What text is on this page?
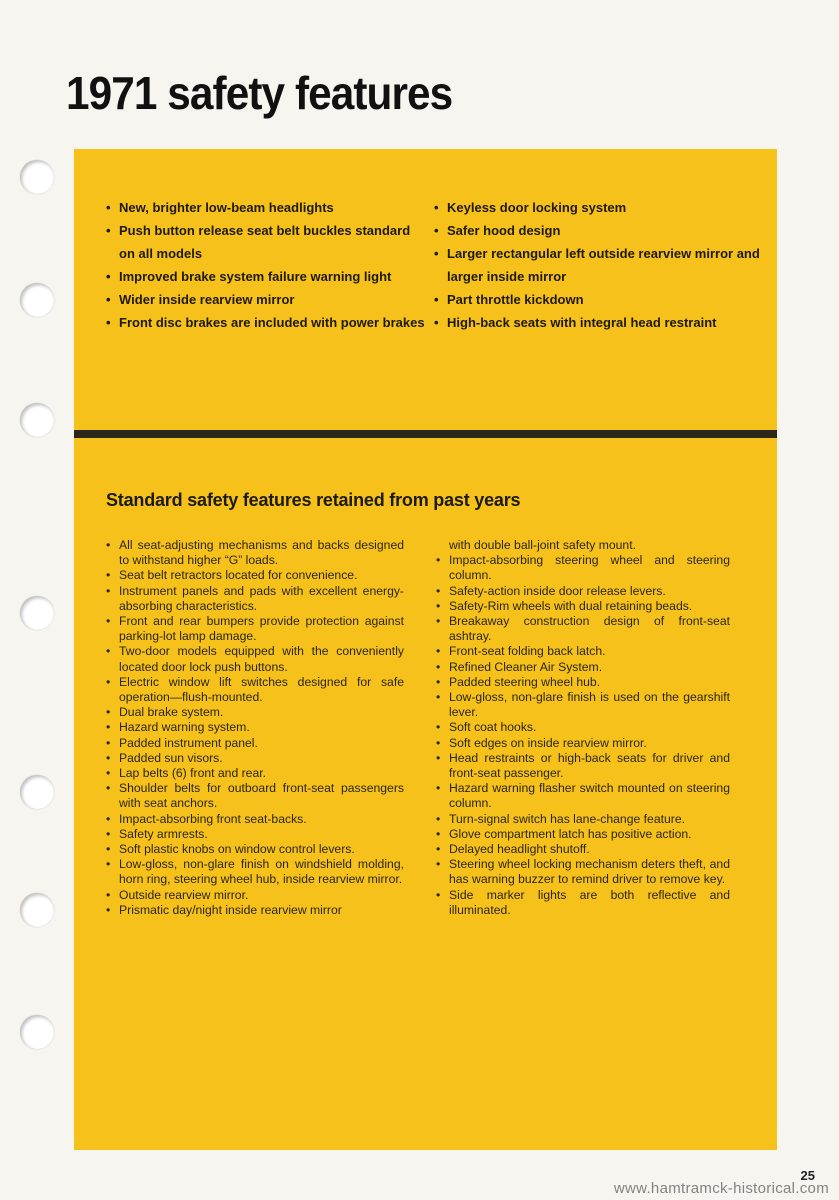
1971 safety features
• New, brighter low-beam headlights
• Push button release seat belt buckles standard on all models
• Improved brake system failure warning light
• Wider inside rearview mirror
• Front disc brakes are included with power brakes
• Keyless door locking system
• Safer hood design
• Larger rectangular left outside rearview mirror and larger inside mirror
• Part throttle kickdown
• High-back seats with integral head restraint
Standard safety features retained from past years
• All seat-adjusting mechanisms and backs designed to withstand higher “G” loads.
• Seat belt retractors located for convenience.
• Instrument panels and pads with excellent energy-absorbing characteristics.
• Front and rear bumpers provide protection against parking-lot lamp damage.
• Two-door models equipped with the conveniently located door lock push buttons.
• Electric window lift switches designed for safe operation—flush-mounted.
• Dual brake system.
• Hazard warning system.
• Padded instrument panel.
• Padded sun visors.
• Lap belts (6) front and rear.
• Shoulder belts for outboard front-seat passengers with seat anchors.
• Impact-absorbing front seat-backs.
• Safety armrests.
• Soft plastic knobs on window control levers.
• Low-gloss, non-glare finish on windshield molding, horn ring, steering wheel hub, inside rearview mirror.
• Outside rearview mirror.
• Prismatic day/night inside rearview mirror
with double ball-joint safety mount.
• Impact-absorbing steering wheel and steering column.
• Safety-action inside door release levers.
• Safety-Rim wheels with dual retaining beads.
• Breakaway construction design of front-seat ashtray.
• Front-seat folding back latch.
• Refined Cleaner Air System.
• Padded steering wheel hub.
• Low-gloss, non-glare finish is used on the gearshift lever.
• Soft coat hooks.
• Soft edges on inside rearview mirror.
• Head restraints or high-back seats for driver and front-seat passenger.
• Hazard warning flasher switch mounted on steering column.
• Turn-signal switch has lane-change feature.
• Glove compartment latch has positive action.
• Delayed headlight shutoff.
• Steering wheel locking mechanism deters theft, and has warning buzzer to remind driver to remove key.
• Side marker lights are both reflective and illuminated.
25
www.hamtramck-historical.com
